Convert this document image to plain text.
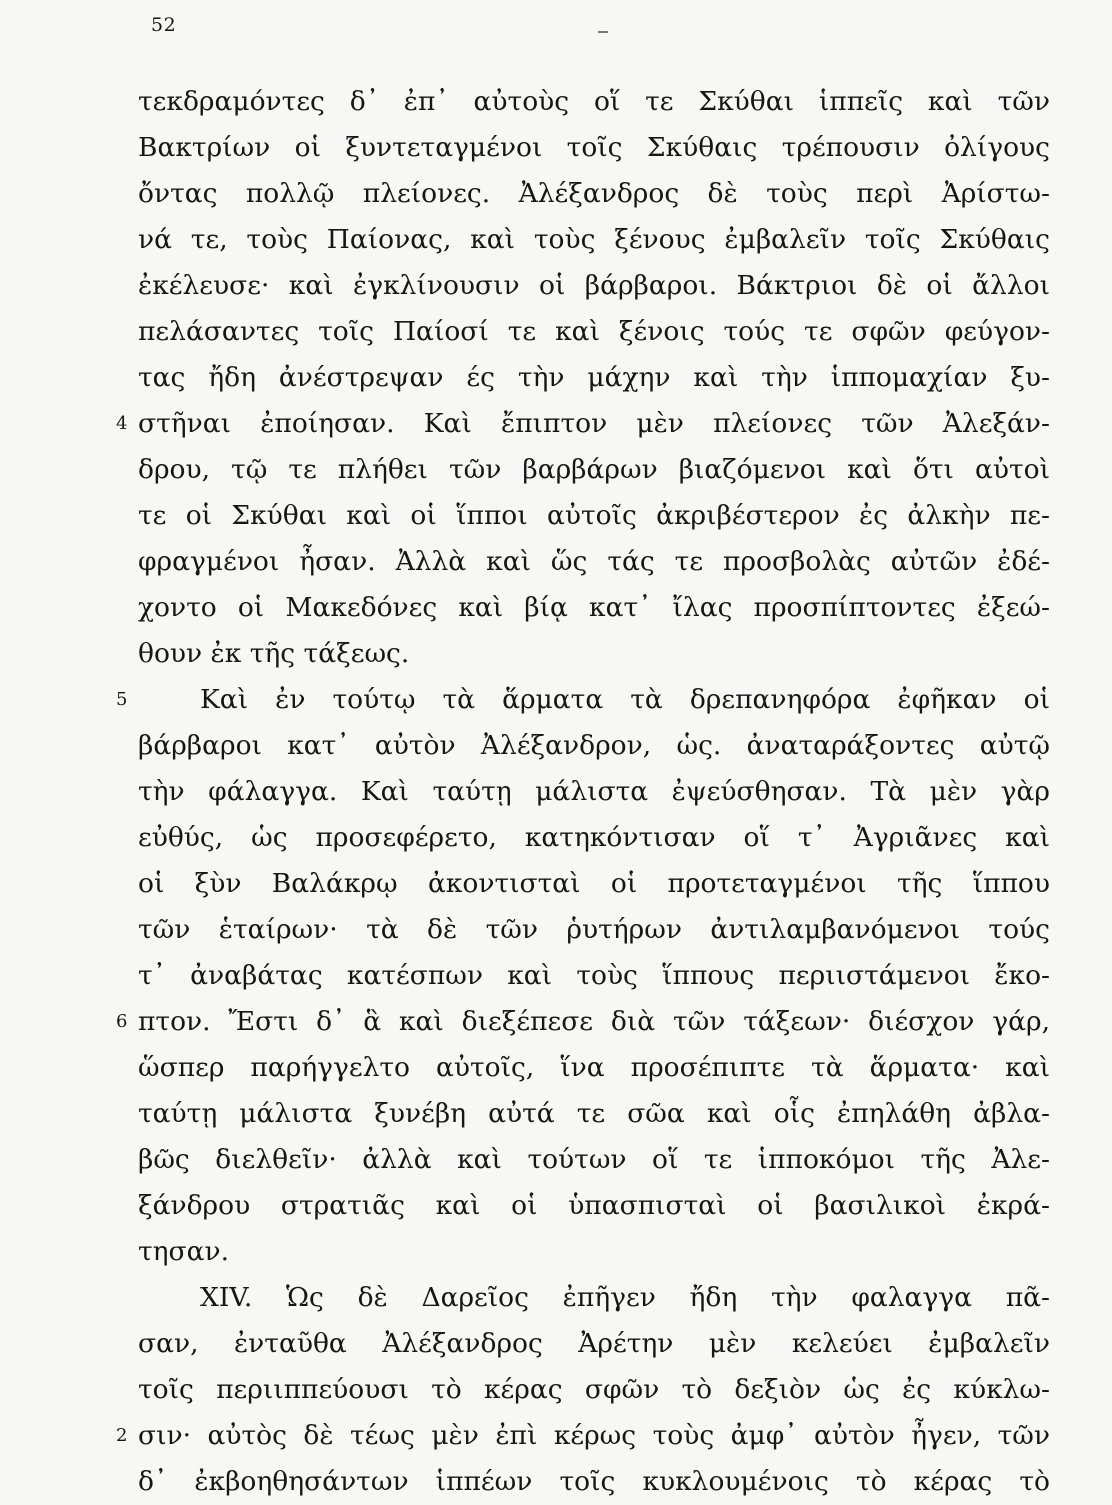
52
τεκδραμόντες δ᾽ ἐπ᾽ αὐτοὺς οἵ τε Σκύθαι ἱππεῖς καὶ τῶν
Βακτρίων οἱ ξυντεταγμένοι τοῖς Σκύθαις τρέπουσιν ὀλίγους
ὄντας πολλῷ πλείονες. Ἀλέξανδρος δὲ τοὺς περὶ Ἀρίστω-
νά τε, τοὺς Παίονας, καὶ τοὺς ξένους ἐμβαλεῖν τοῖς Σκύθαις
ἐκέλευσε· καὶ ἐγκλίνουσιν οἱ βάρβαροι. Βάκτριοι δὲ οἱ ἄλλοι
πελάσαντες τοῖς Παίοσί τε καὶ ξένοις τούς τε σφῶν φεύγον-
τας ἤδη ἀνέστρεψαν ές τὴν μάχην καὶ τὴν ἱππομαχίαν ξυ-
4 στῆναι ἐποίησαν. Καὶ ἔπιπτον μὲν πλείονες τῶν Ἀλεξάν-
δρου, τῷ τε πλήθει τῶν βαρβάρων βιαζόμενοι καὶ ὅτι αὐτοὶ
τε οἱ Σκύθαι καὶ οἱ ἵπποι αὐτοῖς ἀκριβέστερον ἐς ἀλκὴν πε-
φραγμένοι ἦσαν. Ἀλλὰ καὶ ὥς τάς τε προσβολὰς αὐτῶν ἐδέ-
χοντο οἱ Μακεδόνες καὶ βίᾳ κατ᾽ ἴλας προσπίπτοντες ἐξεώ-
θουν ἐκ τῆς τάξεως.
5	Καὶ ἐν τούτῳ τὰ ἅρματα τὰ δρεπανηφόρα ἐφῆκαν οἱ
βάρβαροι κατ᾽ αὐτὸν Ἀλέξανδρον, ὡς. ἀναταράξοντες αὐτῷ
τὴν φάλαγγα. Καὶ ταύτῃ μάλιστα ἐψεύσθησαν. Τὰ μὲν γὰρ
εὐθύς, ὡς προσεφέρετο, κατηκόντισαν οἵ τ᾽ Ἀγριᾶνες καὶ
οἱ ξὺν Βαλάκρῳ ἀκοντισταὶ οἱ προτεταγμένοι τῆς ἵππου
τῶν ἑταίρων· τὰ δὲ τῶν ῥυτήρων ἀντιλαμβανόμενοι τούς
τ᾽ ἀναβάτας κατέσπων καὶ τοὺς ἵππους περιιστάμενοι ἔκο-
6 πτον. Ἔστι δ᾽ ἃ καὶ διεξέπεσε διὰ τῶν τάξεων· διέσχον γάρ,
ὥσπερ παρήγγελτο αὐτοῖς, ἵνα προσέπιπτε τὰ ἅρματα· καὶ
ταύτῃ μάλιστα ξυνέβη αὐτά τε σῶα καὶ οἷς ἐπηλάθη ἀβλα-
βῶς διελθεῖν· ἀλλὰ καὶ τούτων οἵ τε ἱπποκόμοι τῆς Ἀλε-
ξάνδρου στρατιᾶς καὶ οἱ ὑπασπισταὶ οἱ βασιλικοὶ ἐκρά-
τησαν.
XIV. Ὡς δὲ Δαρεῖος ἐπῆγεν ἤδη τὴν φαλαγγα πᾶ-
σαν, ἐνταῦθα Ἀλέξανδρος Ἀρέτην μὲν κελεύει ἐμβαλεῖν
τοῖς περιιππεύουσι τὸ κέρας σφῶν τὸ δεξιὸν ὡς ἐς κύκλω-
2 σιν· αὐτὸς δὲ τέως μὲν ἐπὶ κέρως τοὺς ἀμφ᾽ αὐτὸν ἦγεν, τῶν
δ᾽ ἐκβοηθησάντων ἱππέων τοῖς κυκλουμένοις τὸ κέρας τὸ
